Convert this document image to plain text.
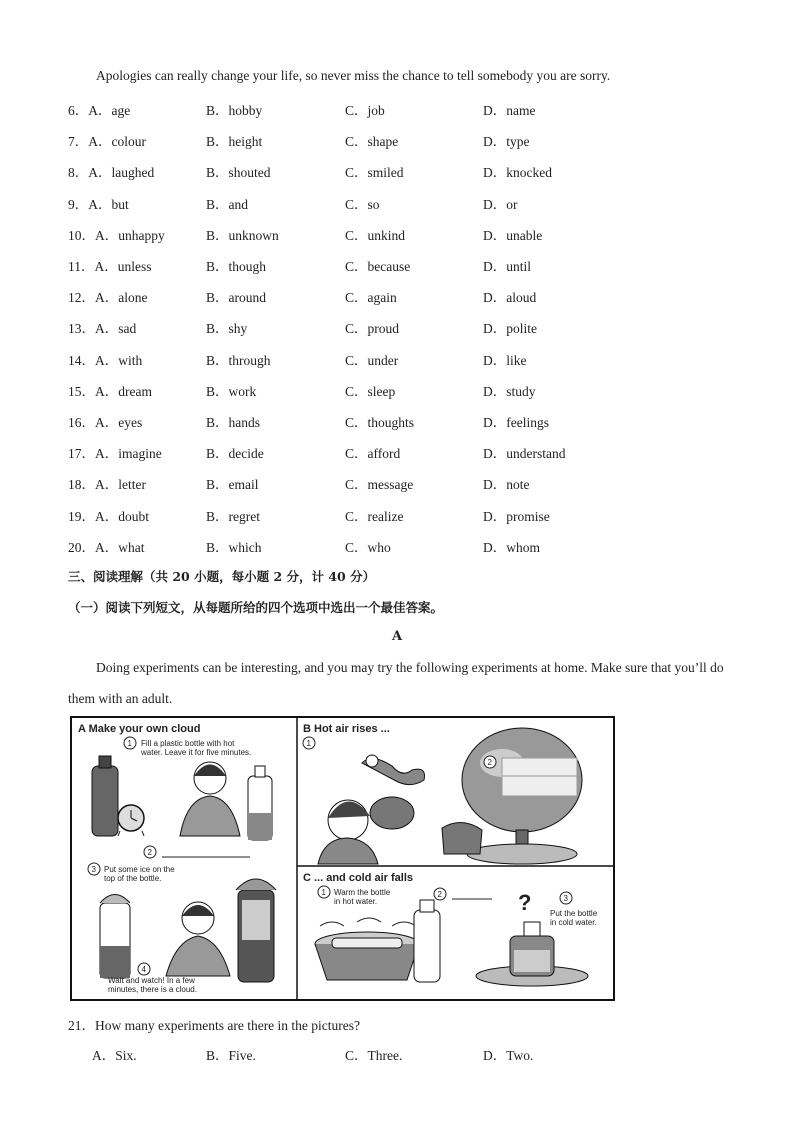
Apologies can really change your life, so never miss the chance to tell somebody you are sorry.
6．A．age	B．hobby	C．job	D．name
7．A．colour	B．height	C．shape	D．type
8．A．laughed	B．shouted	C．smiled	D．knocked
9．A．but	B．and	C．so	D．or
10．A．unhappy	B．unknown	C．unkind	D．unable
11．A．unless	B．though	C．because	D．until
12．A．alone	B．around	C．again	D．aloud
13．A．sad	B．shy	C．proud	D．polite
14．A．with	B．through	C．under	D．like
15．A．dream	B．work	C．sleep	D．study
16．A．eyes	B．hands	C．thoughts	D．feelings
17．A．imagine	B．decide	C．afford	D．understand
18．A．letter	B．email	C．message	D．note
19．A．doubt	B．regret	C．realize	D．promise
20．A．what	B．which	C．who	D．whom
三、阅读理解（共 20 小题，每小题 2 分，计 40 分）
（一）阅读下列短文，从每题所给的四个选项中选出一个最佳答案。
A
Doing experiments can be interesting, and you may try the following experiments at home. Make sure that you’ll do them with an adult.
A Make your own cloud
1 Fill a plastic bottle with hot
water. Leave it for five minutes.
2
3 Put some ice on the
top of the bottle.
4
Wait and watch! In a few
minutes, there is a cloud.
B Hot air rises ...
1
2
C ... and cold air falls
1 Warm the bottle
in hot water.
2	?	3
Put the bottle
in cold water.
21．How many experiments are there in the pictures?
A．Six.	B．Five.	C．Three.	D．Two.
